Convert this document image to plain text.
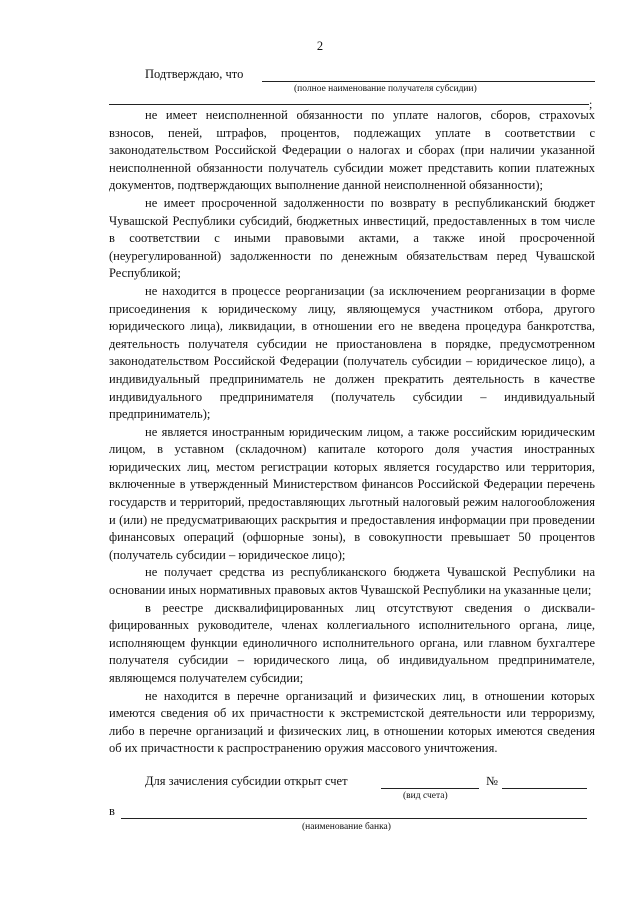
2
Подтверждаю, что
(полное наименование получателя субсидии)
;

не имеет неисполненной обязанности по уплате налогов, сборов, страхоvых взносов, пеней, штрафов, процентов, подлежащих уплате в соответствии с законодательством Российской Федерации о налогах и сборах (при наличии указанной неисполненной обязанности получатель субсидии может представить копии платежных документов, подтверждающих выполнение данной неисполненной обязанности);

не имеет просроченной задолженности по возврату в республиканский бюджет Чувашской Республики субсидий, бюджетных инвестиций, предоставленных в том числе в соответствии с иными правовыми актами, а также иной просроченной (неурегулированной) задолженности по денежным обязательствам перед Чувашской Республикой;

не находится в процессе реорганизации (за исключением реорганизации в форме присоединения к юридическому лицу, являющемуся участником отбора, другого юридического лица), ликвидации, в отношении его не введена процедура банкротства, деятельность получателя субсидии не приостановлена в порядке, предусмотренном законодательством Российской Федерации (получатель субсидии – юридическое лицо), а индивидуальный предприниматель не должен прекратить деятельность в качестве индивидуального предпринимателя (получатель субсидии – индивидуальный предприниматель);

не является иностранным юридическим лицом, а также российским юридическим лицом, в уставном (складочном) капитале которого доля участия иностранных юридических лиц, местом регистрации которых является государство или территория, включенные в утвержденный Министерством финансов Российской Федерации перечень государств и территорий, предоставляющих льготный налоговый режим налогообложения и (или) не предусматривающих раскрытия и предоставления информации при проведении финансовых операций (офшорные зоны), в совокупности превышает 50 процентов (получатель субсидии – юридическое лицо);

не получает средства из республиканского бюджета Чувашской Республики на основании иных нормативных правовых актов Чувашской Республики на указанные цели;

в реестре дисквалифицированных лиц отсутствуют сведения о дисквалифицированных руководителе, членах коллегиального исполнительного органа, лице, исполняющем функции единоличного исполнительного органа, или главном бухгалтере получателя субсидии – юридического лица, об индивидуальном предпринимателе, являющемся получателем субсидии;

не находится в перечне организаций и физических лиц, в отношении которых имеются сведения об их причастности к экстремистской деятельности или терроризму, либо в перечне организаций и физических лиц, в отношении которых имеются сведения об их причастности к распространению оружия массового уничтожения.

Для зачисления субсидии открыт счет	№
(вид счета)
в
(наименование банка)
